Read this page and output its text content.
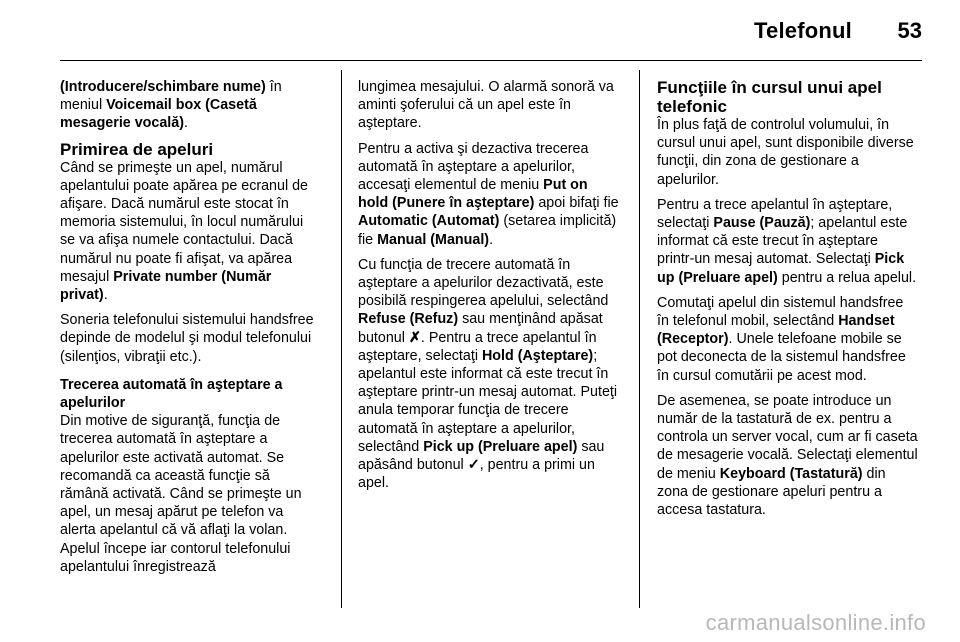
Telefonul 53

(Introducere/schimbare nume) în meniul Voicemail box (Casetă mesagerie vocală).

Primirea de apeluri

Când se primeşte un apel, numărul apelantului poate apărea pe ecranul de afişare. Dacă numărul este stocat în memoria sistemului, în locul numărului se va afişa numele contactului. Dacă numărul nu poate fi afişat, va apărea mesajul Private number (Număr privat).

Soneria telefonului sistemului handsfree depinde de modelul şi modul telefonului (silenţios, vibraţii etc.).

Trecerea automată în aşteptare a apelurilor

Din motive de siguranţă, funcţia de trecerea automată în aşteptare a apelurilor este activată automat. Se recomandă ca această funcţie să rămână activată. Când se primeşte un apel, un mesaj apărut pe telefon va alerta apelantul că vă aflaţi la volan. Apelul începe iar contorul telefonului apelantului înregistrează

lungimea mesajului. O alarmă sonoră va aminti şoferului că un apel este în aşteptare.

Pentru a activa şi dezactiva trecerea automată în aşteptare a apelurilor, accesaţi elementul de meniu Put on hold (Punere în aşteptare) apoi bifaţi fie Automatic (Automat) (setarea implicită) fie Manual (Manual).

Cu funcţia de trecere automată în aşteptare a apelurilor dezactivată, este posibilă respingerea apelului, selectând Refuse (Refuz) sau menţinând apăsat butonul ✗. Pentru a trece apelantul în aşteptare, selectaţi Hold (Aşteptare); apelantul este informat că este trecut în aşteptare printr-un mesaj automat. Puteţi anula temporar funcţia de trecere automată în aşteptare a apelurilor, selectând Pick up (Preluare apel) sau apăsând butonul ✓, pentru a primi un apel.

Funcţiile în cursul unui apel telefonic

În plus faţă de controlul volumului, în cursul unui apel, sunt disponibile diverse funcţii, din zona de gestionare a apelurilor.

Pentru a trece apelantul în aşteptare, selectaţi Pause (Pauză); apelantul este informat că este trecut în aşteptare printr-un mesaj automat. Selectaţi Pick up (Preluare apel) pentru a relua apelul.

Comutaţi apelul din sistemul handsfree în telefonul mobil, selectând Handset (Receptor). Unele telefoane mobile se pot deconecta de la sistemul handsfree în cursul comutării pe acest mod.

De asemenea, se poate introduce un număr de la tastatură de ex. pentru a controla un server vocal, cum ar fi caseta de mesagerie vocală. Selectaţi elementul de meniu Keyboard (Tastatură) din zona de gestionare apeluri pentru a accesa tastatura.

carmanualsonline.info
